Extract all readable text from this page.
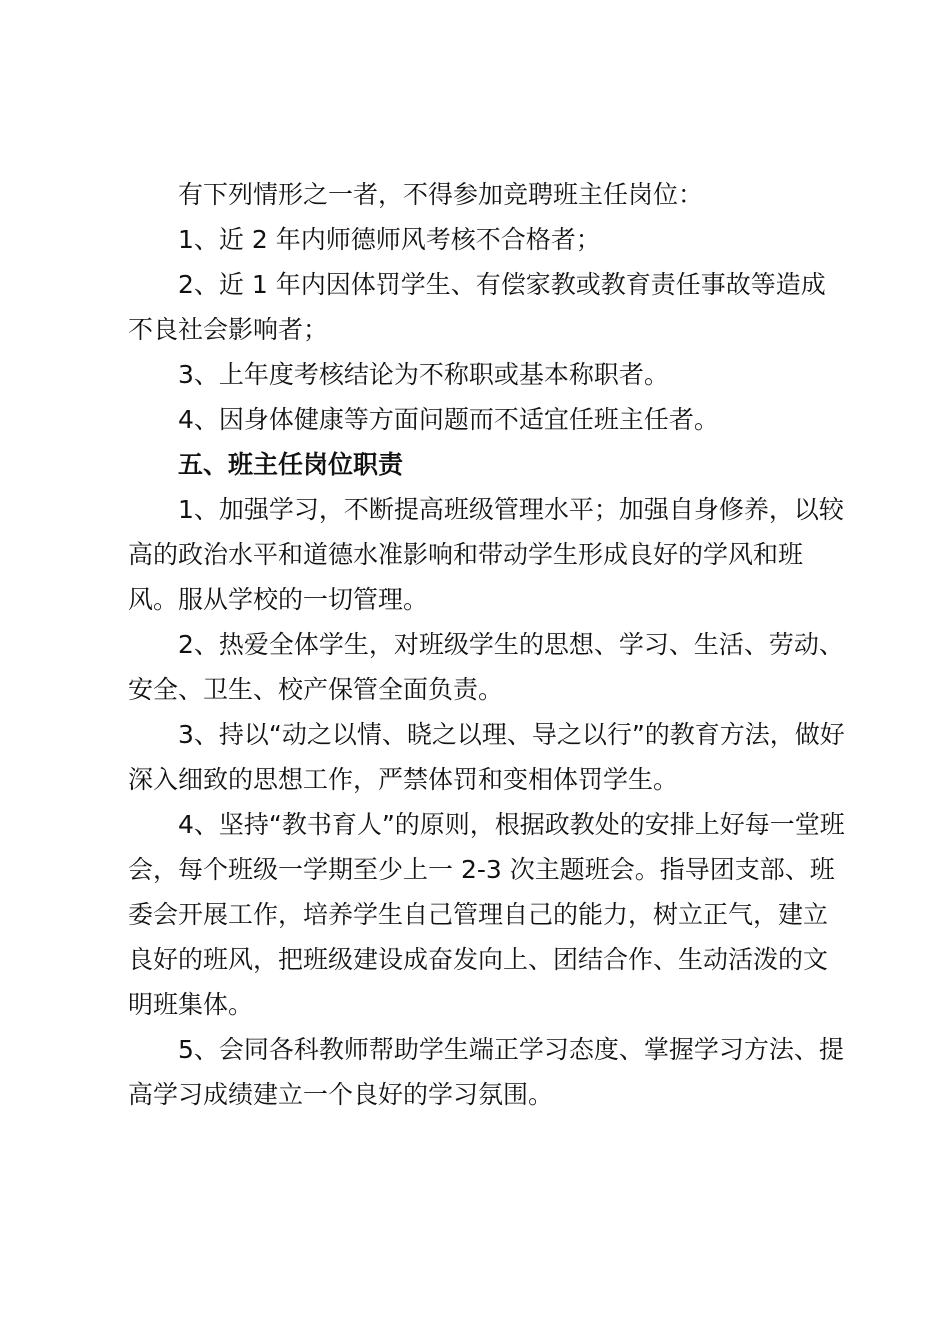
有下列情形之一者，不得参加竞聘班主任岗位：

1、近 2 年内师德师风考核不合格者；

2、近 1 年内因体罚学生、有偿家教或教育责任事故等造成不良社会影响者；

3、上年度考核结论为不称职或基本称职者。

4、因身体健康等方面问题而不适宜任班主任者。

五、班主任岗位职责

1、加强学习，不断提高班级管理水平；加强自身修养，以较高的政治水平和道德水准影响和带动学生形成良好的学风和班风。服从学校的一切管理。

2、热爱全体学生，对班级学生的思想、学习、生活、劳动、安全、卫生、校产保管全面负责。

3、持以“动之以情、晓之以理、导之以行”的教育方法，做好深入细致的思想工作，严禁体罚和变相体罚学生。

4、坚持“教书育人”的原则，根据政教处的安排上好每一堂班会，每个班级一学期至少上一 2-3 次主题班会。指导团支部、班委会开展工作，培养学生自己管理自己的能力，树立正气，建立良好的班风，把班级建设成奋发向上、团结合作、生动活泼的文明班集体。

5、会同各科教师帮助学生端正学习态度、掌握学习方法、提高学习成绩建立一个良好的学习氛围。
